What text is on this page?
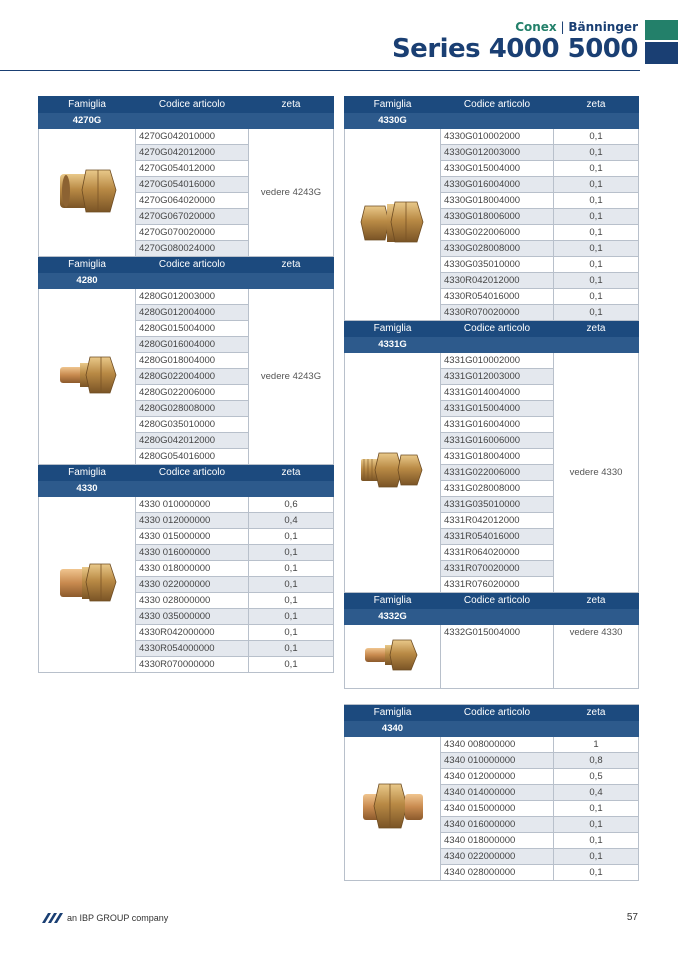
Conex | Bänninger
Series 4000 5000
Famiglia	Codice articolo	zeta
4270G		
	4270G042010000	vedere 4243G
	4270G042012000	
	4270G054012000	
	4270G054016000	
	4270G064020000	
	4270G067020000	
	4270G070020000	
	4270G080024000	
Famiglia	Codice articolo	zeta
4280		
	4280G012003000	vedere 4243G
	4280G012004000	
	4280G015004000	
	4280G016004000	
	4280G018004000	
	4280G022004000	
	4280G022006000	
	4280G028008000	
	4280G035010000	
	4280G042012000	
	4280G054016000	
Famiglia	Codice articolo	zeta
4330		
	4330 010000000	0,6
	4330 012000000	0,4
	4330 015000000	0,1
	4330 016000000	0,1
	4330 018000000	0,1
	4330 022000000	0,1
	4330 028000000	0,1
	4330 035000000	0,1
	4330R042000000	0,1
	4330R054000000	0,1
	4330R070000000	0,1
Famiglia	Codice articolo	zeta
4330G		
	4330G010002000	0,1
	4330G012003000	0,1
	4330G015004000	0,1
	4330G016004000	0,1
	4330G018004000	0,1
	4330G018006000	0,1
	4330G022006000	0,1
	4330G028008000	0,1
	4330G035010000	0,1
	4330R042012000	0,1
	4330R054016000	0,1
	4330R070020000	0,1
Famiglia	Codice articolo	zeta
4331G		
	4331G010002000	vedere 4330
	4331G012003000	
	4331G014004000	
	4331G015004000	
	4331G016004000	
	4331G016006000	
	4331G018004000	
	4331G022006000	
	4331G028008000	
	4331G035010000	
	4331R042012000	
	4331R054016000	
	4331R064020000	
	4331R070020000	
	4331R076020000	
Famiglia	Codice articolo	zeta
4332G		
	4332G015004000	vedere 4330

Famiglia	Codice articolo	zeta
4340		
	4340 008000000	1
	4340 010000000	0,8
	4340 012000000	0,5
	4340 014000000	0,4
	4340 015000000	0,1
	4340 016000000	0,1
	4340 018000000	0,1
	4340 022000000	0,1
	4340 028000000	0,1
an IBP GROUP company	57
